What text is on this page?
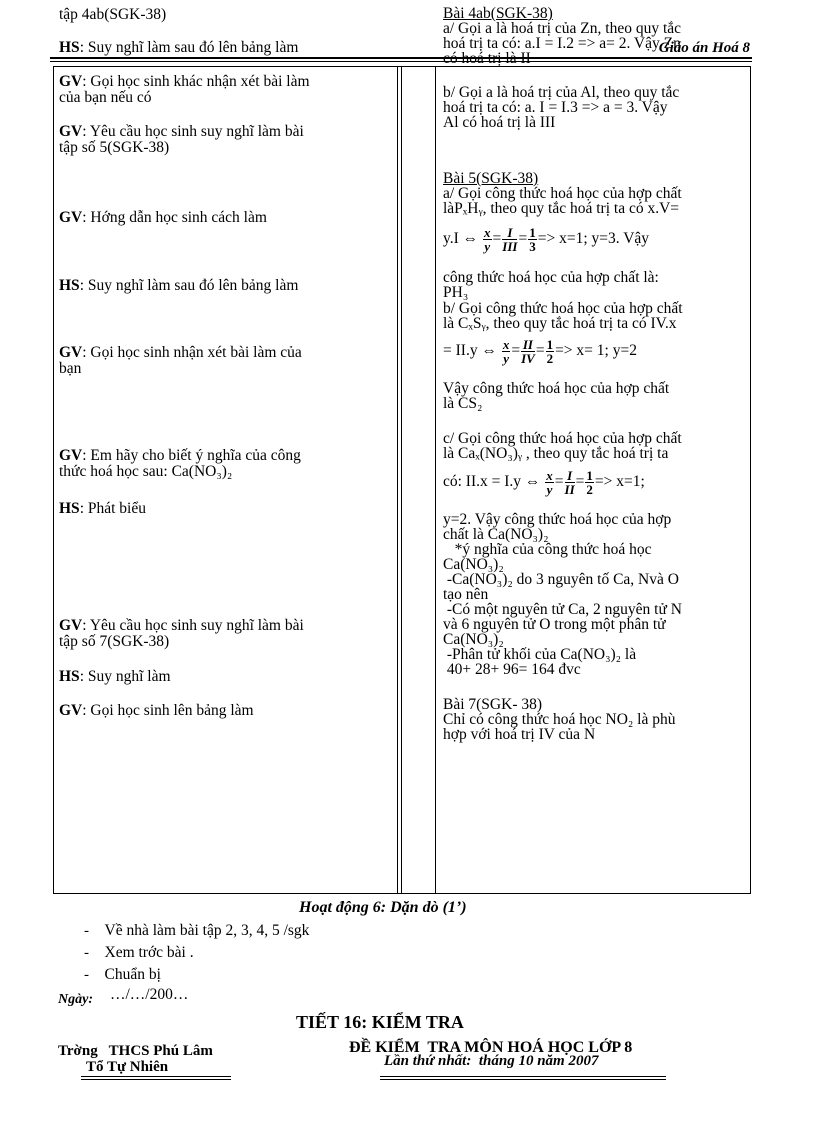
Giáo án Hoá 8
tập 4ab(SGK-38)
HS: Suy nghĩ làm sau đó lên bảng làm
GV: Gọi học sinh khác nhận xét bài làm
của bạn nếu có
GV: Yêu cầu học sinh suy nghĩ làm bài
tập số 5(SGK-38)
GV: Hớng dẫn học sinh cách làm
HS: Suy nghĩ làm sau đó lên bảng làm
GV: Gọi học sinh nhận xét bài làm của
bạn
GV: Em hãy cho biết ý nghĩa của công
thức hoá học sau: Ca(NO₃)₂
HS: Phát biểu
GV: Yêu cầu học sinh suy nghĩ làm bài
tập số 7(SGK-38)
HS: Suy nghĩ làm
GV: Gọi học sinh lên bảng làm
Bài 4ab(SGK-38)
a/ Gọi a là hoá trị của Zn, theo quy tắc
hoá trị ta có: a.I = I.2 => a= 2. Vậy Zn
có hoá trị là II
b/ Gọi a là hoá trị của Al, theo quy tắc
hoá trị ta có: a. I = I.3 => a = 3. Vậy
Al có hoá trị là III
Bài 5(SGK-38)
a/ Gọi công thức hoá học của hợp chất
làPₓHᵧ, theo quy tắc hoá trị ta có x.V=
y.I ⇔ $\frac{x}{y} = \frac{I}{\text{III}} = \frac{1}{3} => x=1$; y=3. Vậy
công thức hoá học của hợp chất là:
PH₃
b/ Gọi công thức hoá học của hợp chất
là CₓSᵧ, theo quy tắc hoá trị ta có IV.x
= II.y ⇔ $\frac{x}{y} = \frac{II}{IV} = \frac{1}{2} => x= 1$; y=2
Vậy công thức hoá học của hợp chất
là CS₂
c/ Gọi công thức hoá học của hợp chất
là Caₓ(NO₃)ᵧ , theo quy tắc hoá trị ta
có: II.x = I.y ⇔ $\frac{x}{y} = \frac{I}{II} = \frac{1}{2} => x=1$;
y=2. Vậy công thức hoá học của hợp
chất là Ca(NO₃)₂
*ý nghĩa của công thức hoá học
Ca(NO₃)₂
-Ca(NO₃)₂ do 3 nguyên tố Ca, Nvà O
tạo nên
-Có một nguyên tử Ca, 2 nguyên tử N
và 6 nguyên tử O trong một phân tử
Ca(NO₃)₂
-Phân tử khối của Ca(NO₃)₂ là
40+ 28+ 96= 164 đvc
Bài 7(SGK- 38)
Chỉ có công thức hoá học NO₂ là phù
hợp với hoá trị IV của N
Hoạt động 6: Dặn dò (1’)
- Về nhà làm bài tập 2, 3, 4, 5 /sgk
- Xem trớc bài .
- Chuẩn bị
Ngày: …/…/200…
TIẾT 16: KIỂM TRA
Trờng   THCS Phú Lâm
Tổ Tự Nhiên
ĐỀ KIỂM  TRA MÔN HOÁ HỌC LỚP 8
Lần thứ nhất:  tháng 10 năm 2007
